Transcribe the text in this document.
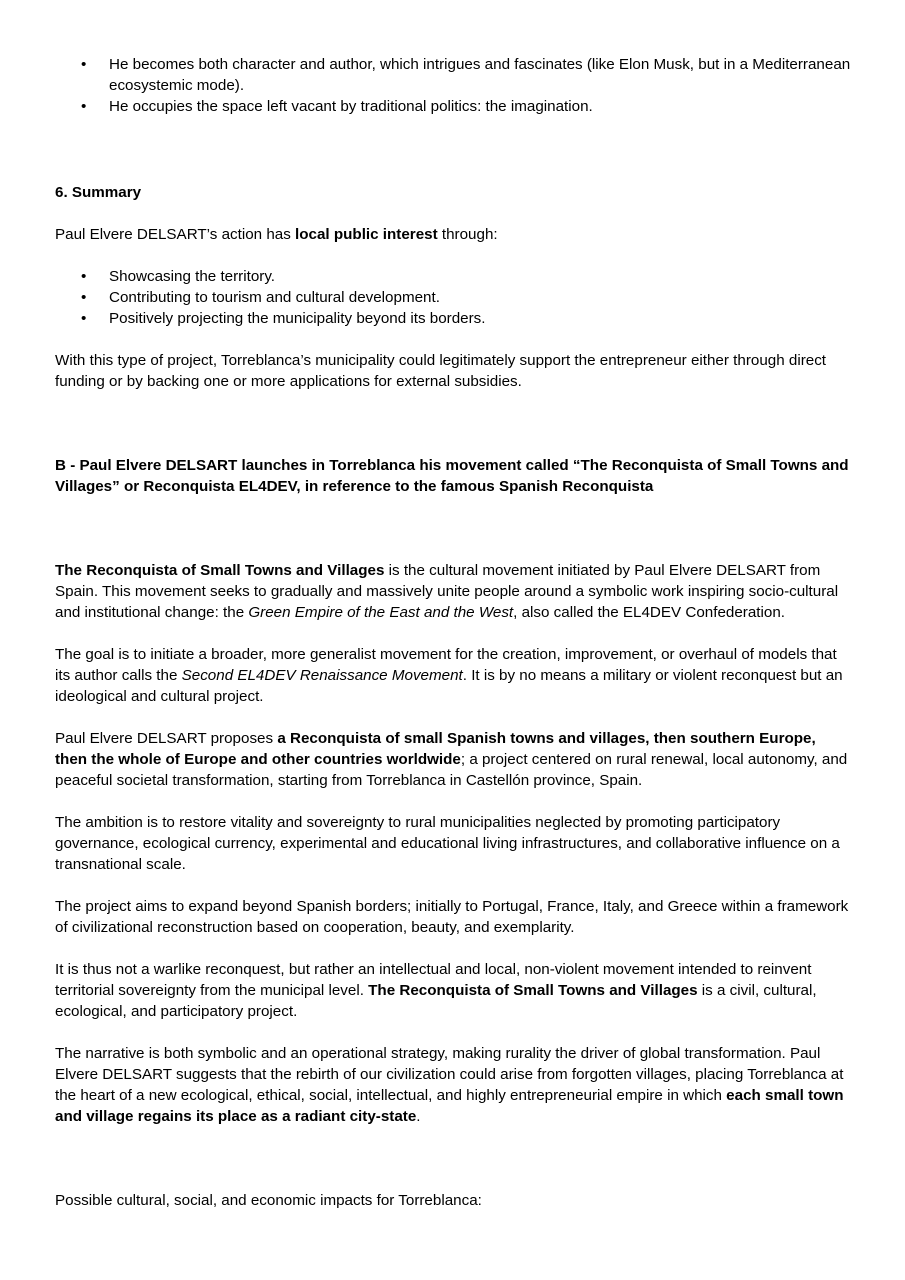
• He becomes both character and author, which intrigues and fascinates (like Elon Musk, but in a Mediterranean ecosystemic mode).
• He occupies the space left vacant by traditional politics: the imagination.

6. Summary

Paul Elvere DELSART’s action has local public interest through:

• Showcasing the territory.
• Contributing to tourism and cultural development.
• Positively projecting the municipality beyond its borders.

With this type of project, Torreblanca’s municipality could legitimately support the entrepreneur either through direct funding or by backing one or more applications for external subsidies.

B - Paul Elvere DELSART launches in Torreblanca his movement called “The Reconquista of Small Towns and Villages” or Reconquista EL4DEV, in reference to the famous Spanish Reconquista

The Reconquista of Small Towns and Villages is the cultural movement initiated by Paul Elvere DELSART from Spain. This movement seeks to gradually and massively unite people around a symbolic work inspiring socio-cultural and institutional change: the Green Empire of the East and the West, also called the EL4DEV Confederation.

The goal is to initiate a broader, more generalist movement for the creation, improvement, or overhaul of models that its author calls the Second EL4DEV Renaissance Movement. It is by no means a military or violent reconquest but an ideological and cultural project.

Paul Elvere DELSART proposes a Reconquista of small Spanish towns and villages, then southern Europe, then the whole of Europe and other countries worldwide; a project centered on rural renewal, local autonomy, and peaceful societal transformation, starting from Torreblanca in Castellón province, Spain.

The ambition is to restore vitality and sovereignty to rural municipalities neglected by promoting participatory governance, ecological currency, experimental and educational living infrastructures, and collaborative influence on a transnational scale.

The project aims to expand beyond Spanish borders; initially to Portugal, France, Italy, and Greece within a framework of civilizational reconstruction based on cooperation, beauty, and exemplarity.

It is thus not a warlike reconquest, but rather an intellectual and local, non-violent movement intended to reinvent territorial sovereignty from the municipal level. The Reconquista of Small Towns and Villages is a civil, cultural, ecological, and participatory project.

The narrative is both symbolic and an operational strategy, making rurality the driver of global transformation. Paul Elvere DELSART suggests that the rebirth of our civilization could arise from forgotten villages, placing Torreblanca at the heart of a new ecological, ethical, social, intellectual, and highly entrepreneurial empire in which each small town and village regains its place as a radiant city-state.

Possible cultural, social, and economic impacts for Torreblanca:
